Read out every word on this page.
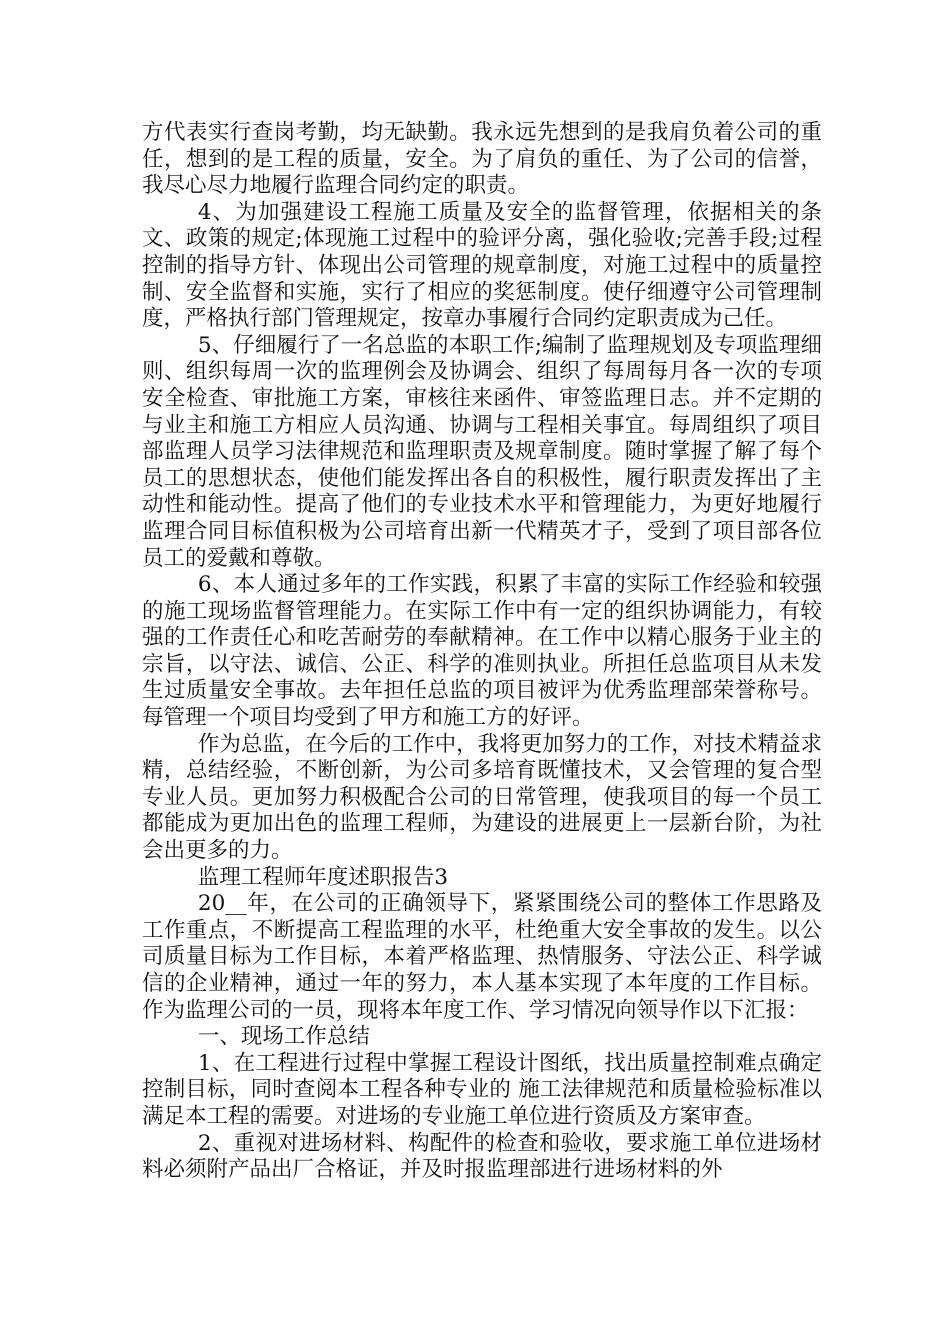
方代表实行查岗考勤，均无缺勤。我永远先想到的是我肩负着公司的重任，想到的是工程的质量，安全。为了肩负的重任、为了公司的信誉，我尽心尽力地履行监理合同约定的职责。

4、为加强建设工程施工质量及安全的监督管理，依据相关的条文、政策的规定;体现施工过程中的验评分离，强化验收;完善手段;过程控制的指导方针、体现出公司管理的规章制度，对施工过程中的质量控制、安全监督和实施，实行了相应的奖惩制度。使仔细遵守公司管理制度，严格执行部门管理规定，按章办事履行合同约定职责成为己任。

5、仔细履行了一名总监的本职工作;编制了监理规划及专项监理细则、组织每周一次的监理例会及协调会、组织了每周每月各一次的专项安全检查、审批施工方案，审核往来函件、审签监理日志。并不定期的与业主和施工方相应人员沟通、协调与工程相关事宜。每周组织了项目部监理人员学习法律规范和监理职责及规章制度。随时掌握了解了每个员工的思想状态，使他们能发挥出各自的积极性，履行职责发挥出了主动性和能动性。提高了他们的专业技术水平和管理能力，为更好地履行监理合同目标值积极为公司培育出新一代精英才子，受到了项目部各位员工的爱戴和尊敬。

6、本人通过多年的工作实践，积累了丰富的实际工作经验和较强的施工现场监督管理能力。在实际工作中有一定的组织协调能力，有较强的工作责任心和吃苦耐劳的奉献精神。在工作中以精心服务于业主的宗旨，以守法、诚信、公正、科学的准则执业。所担任总监项目从未发生过质量安全事故。去年担任总监的项目被评为优秀监理部荣誉称号。每管理一个项目均受到了甲方和施工方的好评。

作为总监，在今后的工作中，我将更加努力的工作，对技术精益求精，总结经验，不断创新，为公司多培育既懂技术，又会管理的复合型专业人员。更加努力积极配合公司的日常管理，使我项目的每一个员工都能成为更加出色的监理工程师，为建设的进展更上一层新台阶，为社会出更多的力。

监理工程师年度述职报告3

20__年，在公司的正确领导下，紧紧围绕公司的整体工作思路及工作重点，不断提高工程监理的水平，杜绝重大安全事故的发生。以公司质量目标为工作目标，本着严格监理、热情服务、守法公正、科学诚信的企业精神，通过一年的努力，本人基本实现了本年度的工作目标。作为监理公司的一员，现将本年度工作、学习情况向领导作以下汇报：

一、现场工作总结

1、在工程进行过程中掌握工程设计图纸，找出质量控制难点确定控制目标，同时查阅本工程各种专业的 施工法律规范和质量检验标准以满足本工程的需要。对进场的专业施工单位进行资质及方案审查。

2、重视对进场材料、构配件的检查和验收，要求施工单位进场材料必须附产品出厂合格证，并及时报监理部进行进场材料的外
